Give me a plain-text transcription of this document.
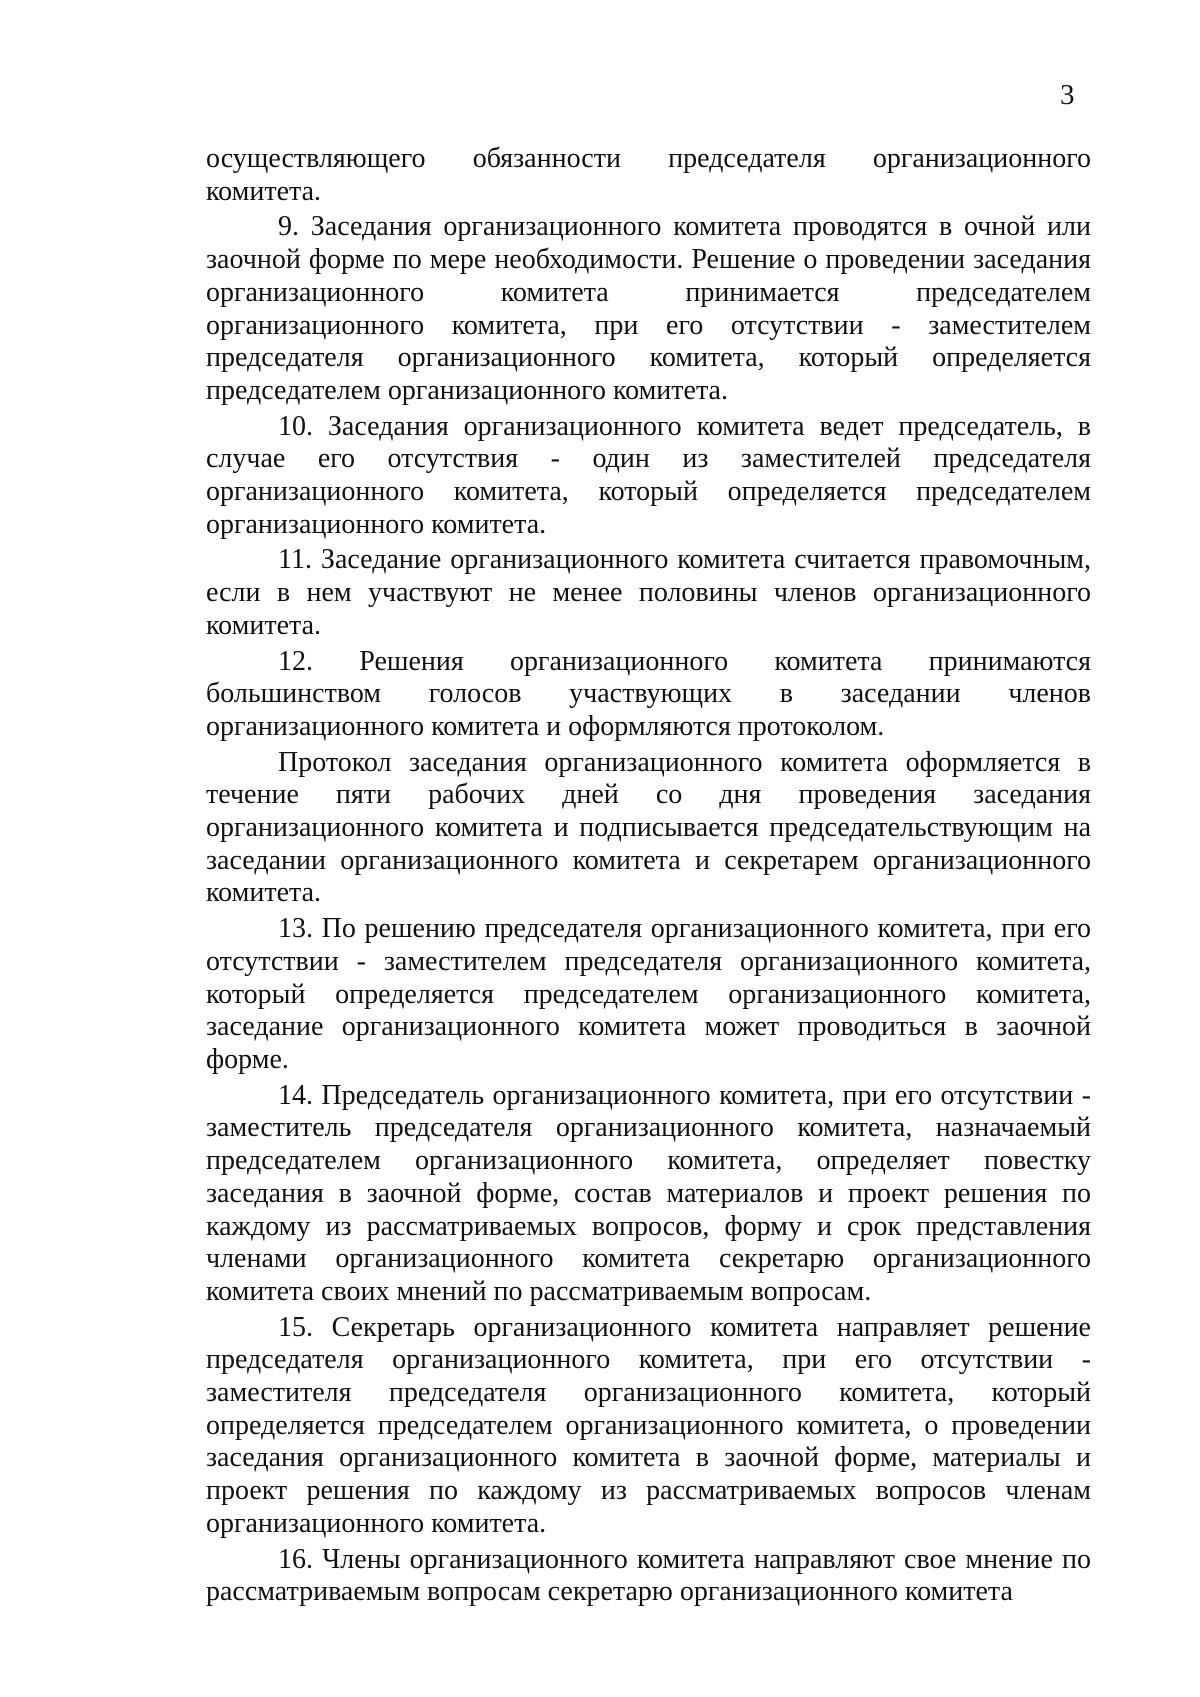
3

осуществляющего обязанности председателя организационного комитета.

9. Заседания организационного комитета проводятся в очной или заочной форме по мере необходимости. Решение о проведении заседания организационного комитета принимается председателем организационного комитета, при его отсутствии - заместителем председателя организационного комитета, который определяется председателем организационного комитета.

10. Заседания организационного комитета ведет председатель, в случае его отсутствия - один из заместителей председателя организационного комитета, который определяется председателем организационного комитета.

11. Заседание организационного комитета считается правомочным, если в нем участвуют не менее половины членов организационного комитета.

12. Решения организационного комитета принимаются большинством голосов участвующих в заседании членов организационного комитета и оформляются протоколом.

Протокол заседания организационного комитета оформляется в течение пяти рабочих дней со дня проведения заседания организационного комитета и подписывается председательствующим на заседании организационного комитета и секретарем организационного комитета.

13. По решению председателя организационного комитета, при его отсутствии - заместителем председателя организационного комитета, который определяется председателем организационного комитета, заседание организационного комитета может проводиться в заочной форме.

14. Председатель организационного комитета, при его отсутствии - заместитель председателя организационного комитета, назначаемый председателем организационного комитета, определяет повестку заседания в заочной форме, состав материалов и проект решения по каждому из рассматриваемых вопросов, форму и срок представления членами организационного комитета секретарю организационного комитета своих мнений по рассматриваемым вопросам.

15. Секретарь организационного комитета направляет решение председателя организационного комитета, при его отсутствии - заместителя председателя организационного комитета, который определяется председателем организационного комитета, о проведении заседания организационного комитета в заочной форме, материалы и проект решения по каждому из рассматриваемых вопросов членам организационного комитета.

16. Члены организационного комитета направляют свое мнение по рассматриваемым вопросам секретарю организационного комитета
